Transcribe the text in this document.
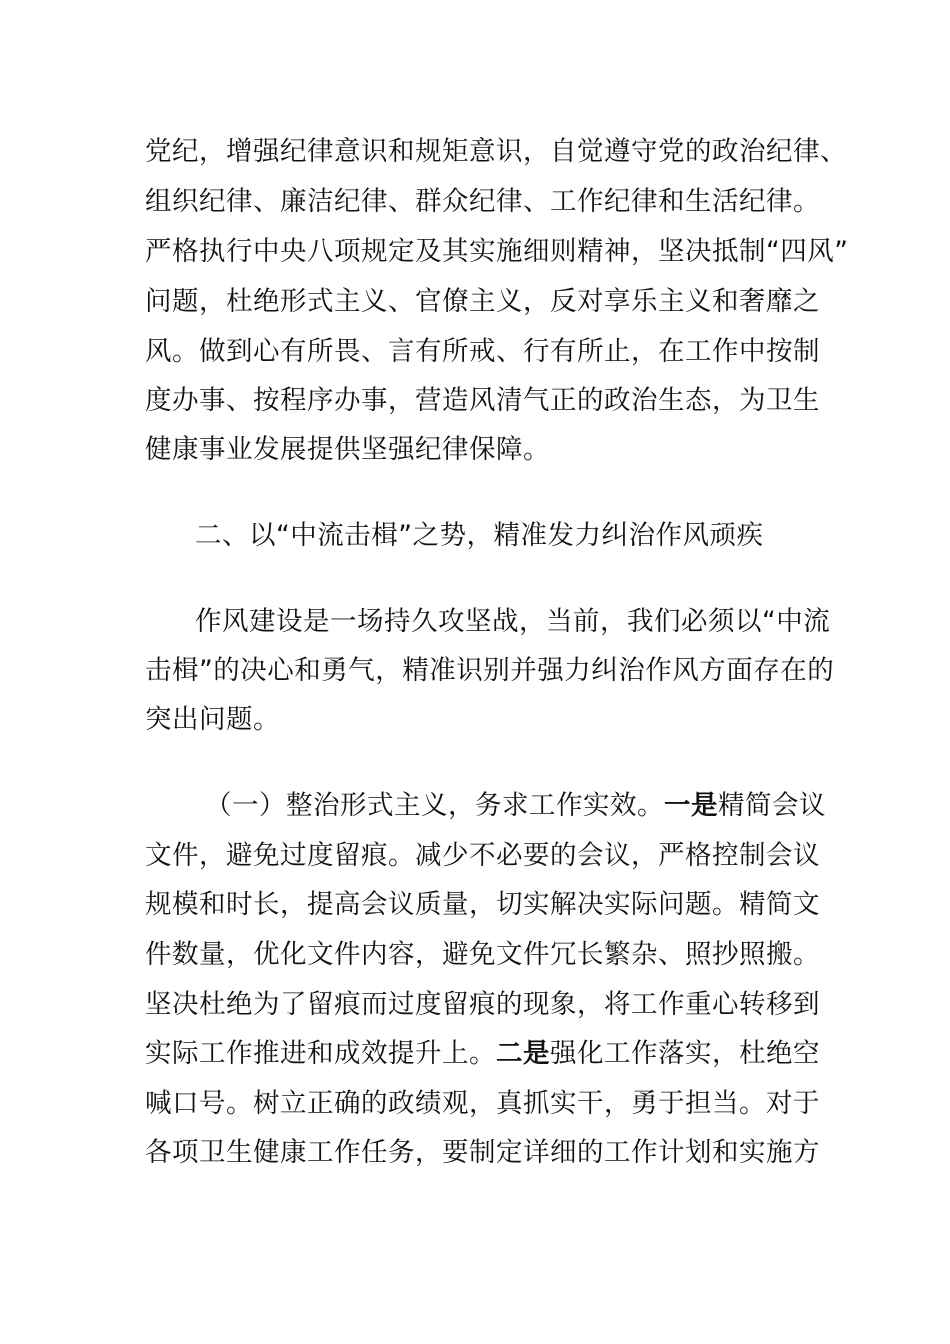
党纪，增强纪律意识和规矩意识，自觉遵守党的政治纪律、

组织纪律、廉洁纪律、群众纪律、工作纪律和生活纪律。

严格执行中央八项规定及其实施细则精神，坚决抵制“四风”

问题，杜绝形式主义、官僚主义，反对享乐主义和奢靡之

风。做到心有所畏、言有所戒、行有所止，在工作中按制

度办事、按程序办事，营造风清气正的政治生态，为卫生

健康事业发展提供坚强纪律保障。

二、以“中流击楫”之势，精准发力纠治作风顽疾

作风建设是一场持久攻坚战，当前，我们必须以“中流

击楫”的决心和勇气，精准识别并强力纠治作风方面存在的

突出问题。

（一）整治形式主义，务求工作实效。一是精简会议

文件，避免过度留痕。减少不必要的会议，严格控制会议

规模和时长，提高会议质量，切实解决实际问题。精简文

件数量，优化文件内容，避免文件冗长繁杂、照抄照搬。

坚决杜绝为了留痕而过度留痕的现象，将工作重心转移到

实际工作推进和成效提升上。二是强化工作落实，杜绝空

喊口号。树立正确的政绩观，真抓实干，勇于担当。对于

各项卫生健康工作任务，要制定详细的工作计划和实施方
